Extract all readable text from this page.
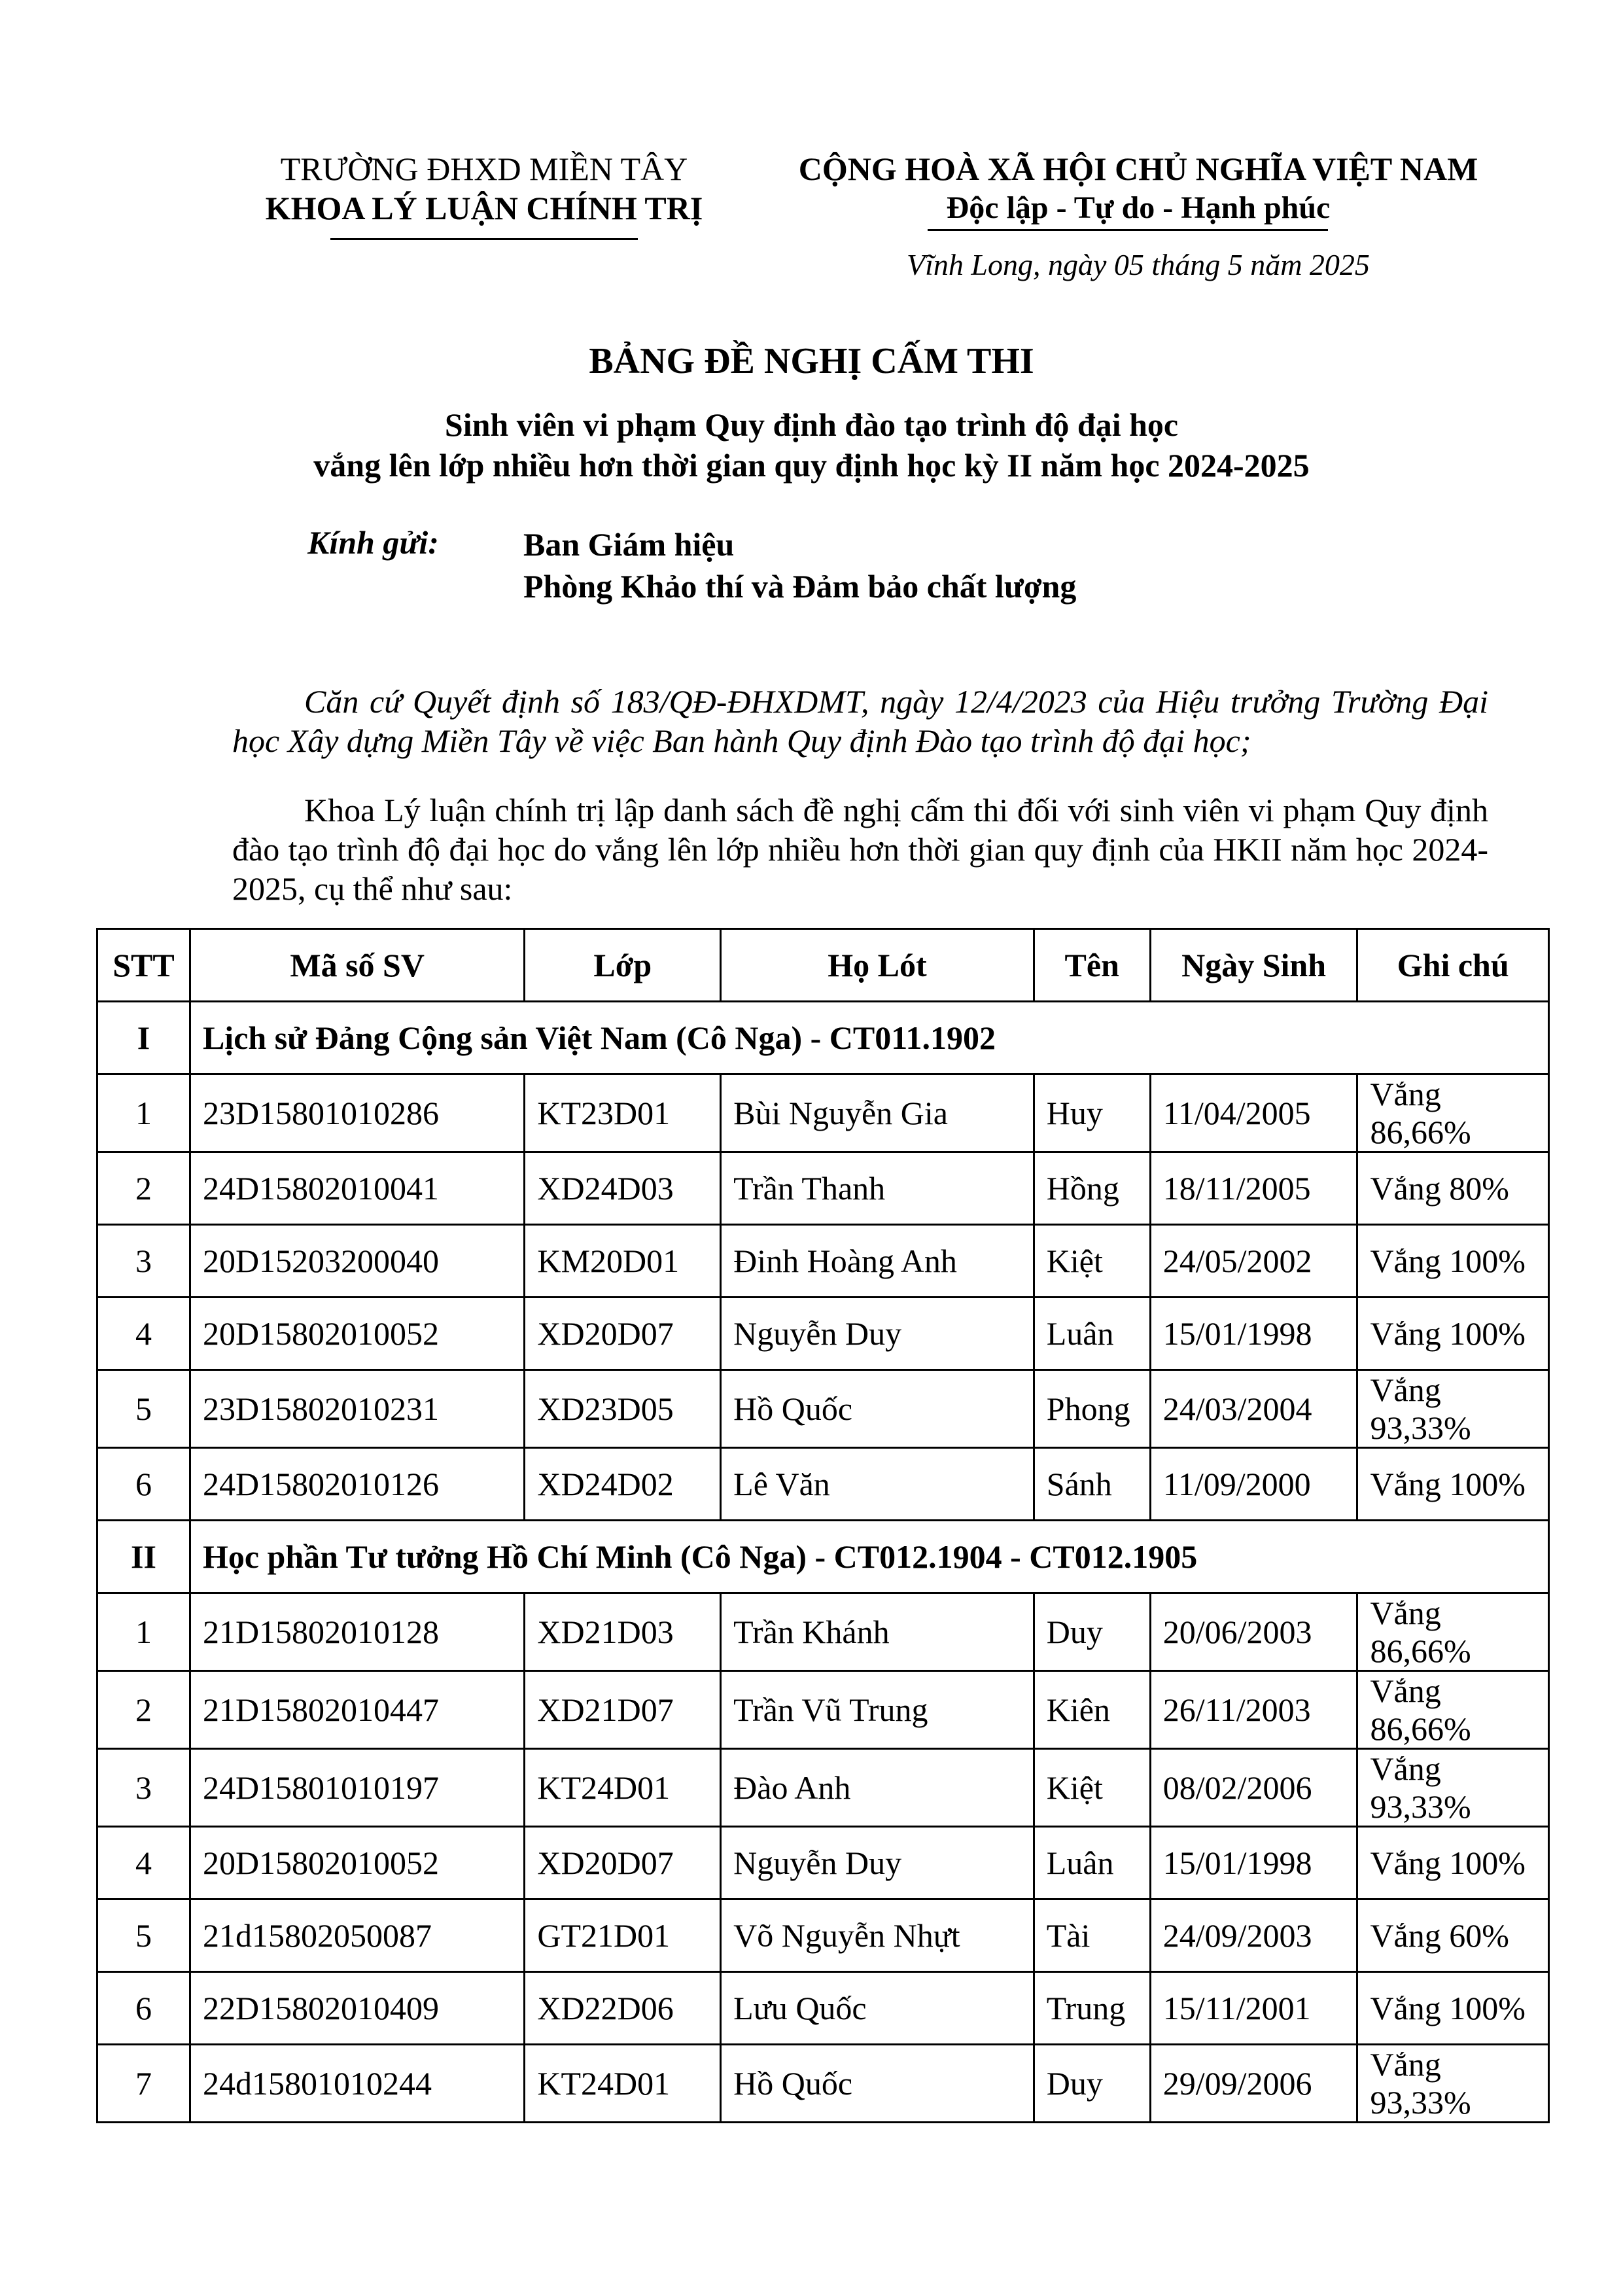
TRƯỜNG ĐHXD MIỀN TÂY
KHOA LÝ LUẬN CHÍNH TRỊ
CỘNG HOÀ XÃ HỘI CHỦ NGHĨA VIỆT NAM
Độc lập - Tự do - Hạnh phúc
Vĩnh Long, ngày 05 tháng 5 năm 2025
BẢNG ĐỀ NGHỊ CẤM THI
Sinh viên vi phạm Quy định đào tạo trình độ đại học
vắng lên lớp nhiều hơn thời gian quy định học kỳ II năm học 2024-2025
Kính gửi:	Ban Giám hiệu
Phòng Khảo thí và Đảm bảo chất lượng
Căn cứ Quyết định số 183/QĐ-ĐHXDMT, ngày 12/4/2023 của Hiệu trưởng Trường Đại học Xây dựng Miền Tây về việc Ban hành Quy định Đào tạo trình độ đại học;
Khoa Lý luận chính trị lập danh sách đề nghị cấm thi đối với sinh viên vi phạm Quy định đào tạo trình độ đại học do vắng lên lớp nhiều hơn thời gian quy định của HKII năm học 2024-2025, cụ thể như sau:
STT	Mã số SV	Lớp	Họ Lót	Tên	Ngày Sinh	Ghi chú
I	Lịch sử Đảng Cộng sản Việt Nam (Cô Nga) - CT011.1902					
1	23D15801010286	KT23D01	Bùi Nguyễn Gia	Huy	11/04/2005	Vắng 86,66%
2	24D15802010041	XD24D03	Trần Thanh	Hồng	18/11/2005	Vắng 80%
3	20D15203200040	KM20D01	Đinh Hoàng Anh	Kiệt	24/05/2002	Vắng 100%
4	20D15802010052	XD20D07	Nguyễn Duy	Luân	15/01/1998	Vắng 100%
5	23D15802010231	XD23D05	Hồ Quốc	Phong	24/03/2004	Vắng 93,33%
6	24D15802010126	XD24D02	Lê Văn	Sánh	11/09/2000	Vắng 100%
II	Học phần Tư tưởng Hồ Chí Minh (Cô Nga) - CT012.1904 - CT012.1905					
1	21D15802010128	XD21D03	Trần Khánh	Duy	20/06/2003	Vắng 86,66%
2	21D15802010447	XD21D07	Trần Vũ Trung	Kiên	26/11/2003	Vắng 86,66%
3	24D15801010197	KT24D01	Đào Anh	Kiệt	08/02/2006	Vắng 93,33%
4	20D15802010052	XD20D07	Nguyễn Duy	Luân	15/01/1998	Vắng 100%
5	21d15802050087	GT21D01	Võ Nguyễn Nhựt	Tài	24/09/2003	Vắng 60%
6	22D15802010409	XD22D06	Lưu Quốc	Trung	15/11/2001	Vắng 100%
7	24d15801010244	KT24D01	Hồ Quốc	Duy	29/09/2006	Vắng 93,33%
